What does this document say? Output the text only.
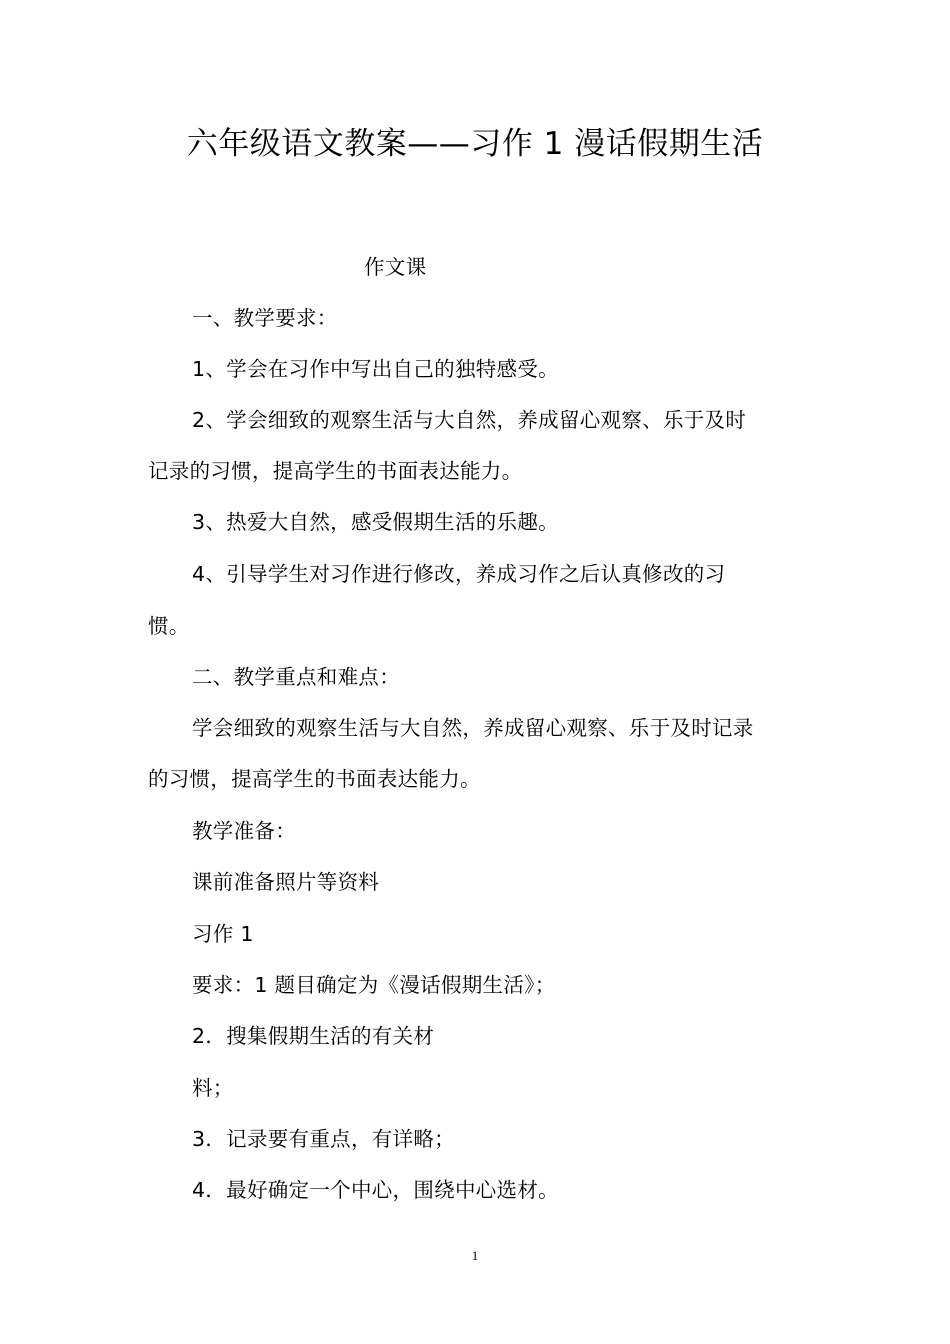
六年级语文教案——习作 1 漫话假期生活
作文课
一、教学要求：
1、学会在习作中写出自己的独特感受。
2、学会细致的观察生活与大自然，养成留心观察、乐于及时
记录的习惯，提高学生的书面表达能力。
3、热爱大自然，感受假期生活的乐趣。
4、引导学生对习作进行修改，养成习作之后认真修改的习
惯。
二、教学重点和难点：
学会细致的观察生活与大自然，养成留心观察、乐于及时记录
的习惯，提高学生的书面表达能力。
教学准备：
课前准备照片等资料
习作 1
要求：1 题目确定为《漫话假期生活》；
2．搜集假期生活的有关材
料；
3．记录要有重点，有详略；
4．最好确定一个中心，围绕中心选材。
1
